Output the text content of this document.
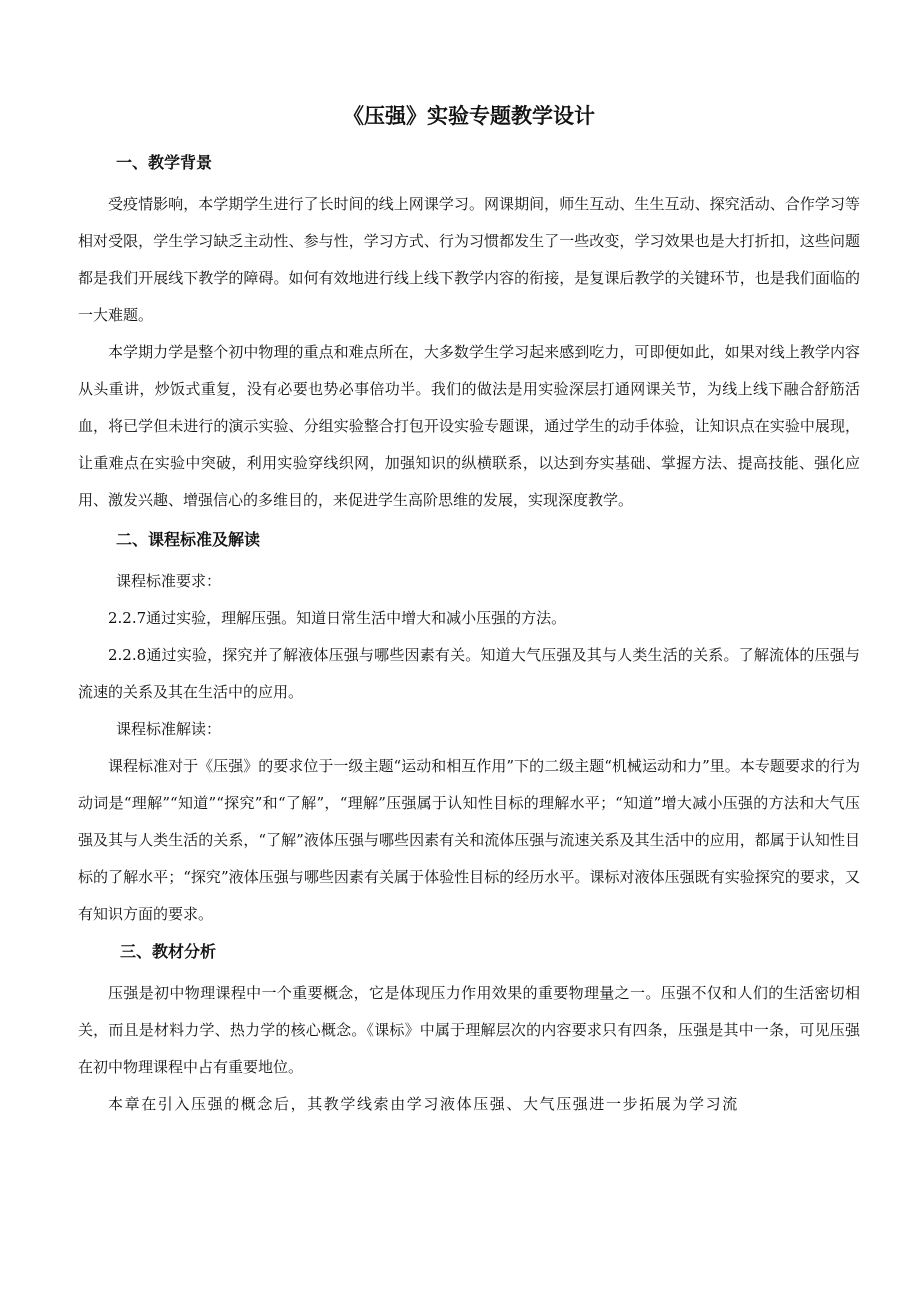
《压强》实验专题教学设计
一、教学背景

受疫情影响，本学期学生进行了长时间的线上网课学习。网课期间，师生互动、生生互动、探究活动、合作学习等相对受限，学生学习缺乏主动性、参与性，学习方式、行为习惯都发生了一些改变，学习效果也是大打折扣，这些问题都是我们开展线下教学的障碍。如何有效地进行线上线下教学内容的衔接，是复课后教学的关键环节，也是我们面临的一大难题。

本学期力学是整个初中物理的重点和难点所在，大多数学生学习起来感到吃力，可即便如此，如果对线上教学内容从头重讲，炒饭式重复，没有必要也势必事倍功半。我们的做法是用实验深层打通网课关节，为线上线下融合舒筋活血，将已学但未进行的演示实验、分组实验整合打包开设实验专题课，通过学生的动手体验，让知识点在实验中展现，让重难点在实验中突破，利用实验穿线织网，加强知识的纵横联系，以达到夯实基础、掌握方法、提高技能、强化应用、激发兴趣、增强信心的多维目的，来促进学生高阶思维的发展，实现深度教学。

二、课程标准及解读

课程标准要求：

2.2.7通过实验，理解压强。知道日常生活中增大和减小压强的方法。

2.2.8通过实验，探究并了解液体压强与哪些因素有关。知道大气压强及其与人类生活的关系。了解流体的压强与流速的关系及其在生活中的应用。

课程标准解读：

课程标准对于《压强》的要求位于一级主题“运动和相互作用”下的二级主题“机械运动和力”里。本专题要求的行为动词是“理解”“知道”“探究”和“了解”，“理解”压强属于认知性目标的理解水平；“知道”增大减小压强的方法和大气压强及其与人类生活的关系，“了解”液体压强与哪些因素有关和流体压强与流速关系及其生活中的应用，都属于认知性目标的了解水平；“探究”液体压强与哪些因素有关属于体验性目标的经历水平。课标对液体压强既有实验探究的要求，又有知识方面的要求。

三、教材分析

压强是初中物理课程中一个重要概念，它是体现压力作用效果的重要物理量之一。压强不仅和人们的生活密切相关，而且是材料力学、热力学的核心概念。《课标》中属于理解层次的内容要求只有四条，压强是其中一条，可见压强在初中物理课程中占有重要地位。

本章在引入压强的概念后，其教学线索由学习液体压强、大气压强进一步拓展为学习流
